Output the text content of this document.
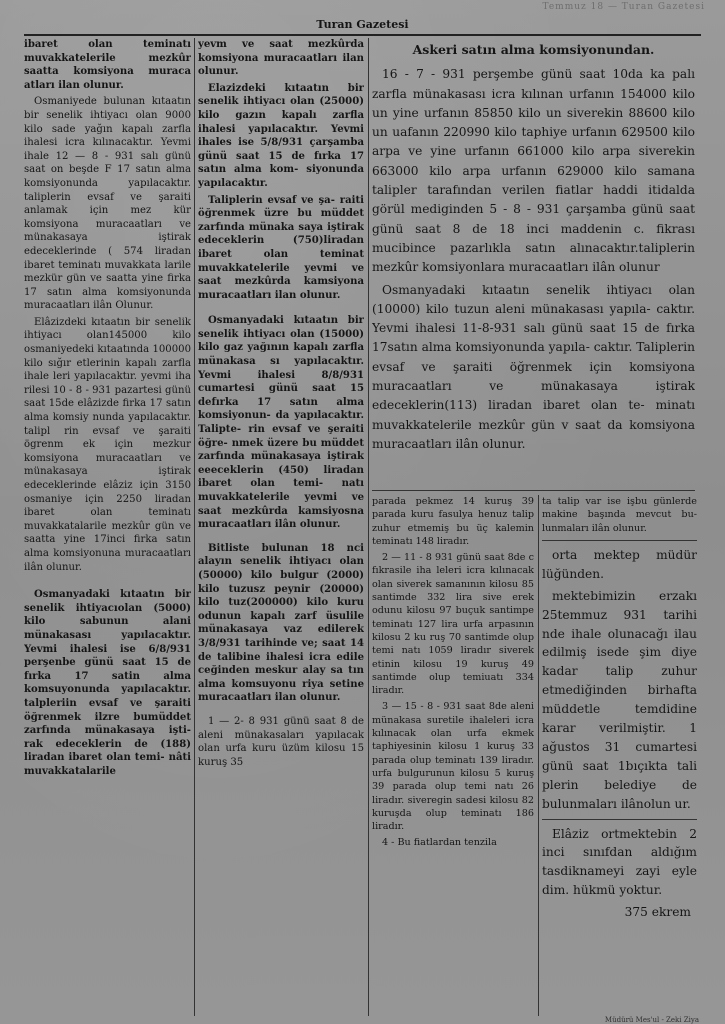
Temmuz 18 — Turan Gazetesi
Turan Gazetesi

ibaret olan teminatı muvakkatelerile mezkûr saatta komsiyona muraca atları ilan olunur.

Osmaniyede bulunan kıtaatın bir senelik ihtiyacı olan 9000 kilo sade yağın kapalı zarfla ihalesi icra kılınacaktır. Yevmi ihale 12 — 8 - 931 salı günü saat on beşde F 17 satın alma komsiyonunda yapılacaktır. taliplerin evsaf ve şaraiti anlamak için mez kür komsiyona muracaatları ve münakasaya iştirak edeceklerinde ( 574 liradan ibaret teminatı muvakkata larile mezkür gün ve saatta yine firka 17 satın alma komsiyonunda muracaatları ilân Olunur.

Elâzizdeki kıtaatın bir senelik ihtiyacı olan145000 kilo osmaniyedeki kıtaatında 100000 kilo sığır etlerinin kapalı zarfla ihale leri yapılacaktır. yevmi iha rilesi 10 - 8 - 931 pazartesi günü saat 15de elâzizde firka 17 satın alma komsiy nunda yapılacaktır. talipl rin evsaf ve şaraiti ögrenm ek için mezkur komsiyona muracaatları ve münakasaya iştirak edeceklerinde elâziz için 3150 osmaniye için 2250 liradan ibaret olan teminatı muvakkatalarile mezkûr gün ve saatta yine 17inci firka satın alma komsiyonuna muracaatları ilân olunur.

Osmanyadaki kıtaatın bir senelik ihtiyacıolan (5000) kilo sabunun alani münakasası yapılacaktır. Yevmi ihalesi ise 6/8/931 perşenbe günü saat 15 de fırka 17 satin alma komsuyonunda yapılacaktır. talpleriin evsaf ve şaraiti öğrenmek ilzre bumüddet zarfında münakasaya işti- rak edeceklerin de (188) liradan ibaret olan temi- nâti muvakkatalarile

yevm ve saat mezkûrda komsiyona muracaatları ilan olunur.

Elazizdeki kıtaatın bir senelik ihtiyacı olan (25000) kilo gazın kapalı zarfla ihalesi yapılacaktır. Yevmi ihales ise 5/8/931 çarşamba günü saat 15 de fırka 17 satın alma kom- siyonunda yapılacaktır.

Taliplerin evsaf ve şa- raiti öğrenmek üzre bu müddet zarfında münaka saya iştirak edeceklerin (750)liradan ibaret olan teminat muvakkatelerile yevmi ve saat mezkûrda kamsiyona muracaatları ilan olunur.

Osmanyadaki kıtaatın bir senelik ihtiyacı olan (15000) kilo gaz yağının kapalı zarfla münakasa sı yapılacaktır. Yevmi ihalesi 8/8/931 cumartesi günü saat 15 defırka 17 satın alma komsiyonun- da yapılacaktır. Talipte- rin evsaf ve şeraiti öğre- nmek üzere bu müddet zarfında münakasaya iştirak eeeceklerin (450) liradan ibaret olan temi- natı muvakkatelerile yevmi ve saat mezkûrda kamsiyosna muracaatları ilân olunur.

Bitliste bulunan 18 nci alayın senelik ihtiyacı olan (50000) kilo bulgur (2000) kilo tuzusz peynir (20000) kilo tuz(200000) kilo kuru odunun kapalı zarf üsulile münakasaya vaz edilerek 3/8/931 tarihinde ve; saat 14 de talibine ihalesi icra edile ceğinden meskur alay sa tın alma komsuyonu riya setine muracaatları ilan olunur.

1 — 2- 8 931 günü saat 8 de aleni münakasaları yapılacak olan urfa kuru üzüm kilosu 15 kuruş 35

Askeri satın alma komsiyonundan.

16 - 7 - 931 perşembe günü saat 10da ka palı zarfla münakasası icra kılınan urfanın 154000 kilo un yine urfanın 85850 kilo un siverekin 88600 kilo un uafanın 220990 kilo taphiye urfanın 629500 kilo arpa ve yine urfanın 661000 kilo arpa siverekin 663000 kilo arpa urfanın 629000 kilo samana talipler tarafından verilen fiatlar haddi itidalda görül mediginden 5 - 8 - 931 çarşamba günü saat günü saat 8 de 18 inci maddenin c. fikrası mucibince pazarlıkla satın alınacaktır.taliplerin mezkûr komsiyonlara muracaatları ilân olunur

Osmanyadaki kıtaatın senelik ihtiyacı olan (10000) kilo tuzun aleni münakasası yapıla- caktır. Yevmi ihalesi 11-8-931 salı günü saat 15 de fırka 17satın alma komsiyonunda yapıla- caktır. Taliplerin evsaf ve şaraiti öğrenmek için komsiyona muracaatları ve münakasaya iştirak edeceklerin(113) liradan ibaret olan te- minatı muvakkatelerile mezkûr gün v saat da komsiyona muracaatları ilân olunur.

parada pekmez 14 kuruş 39 parada kuru fasulya henuz talip zuhur etmemiş bu üç kalemin teminatı 148 liradır.

2 — 11 - 8 931 günü saat 8de c fıkrasile iha leleri icra kılınacak olan siverek samanının kilosu 85 santimde 332 lira sive erek odunu kilosu 97 buçuk santimpe teminatı 127 lira urfa arpasının kilosu 2 ku ruş 70 santimde olup temi natı 1059 liradır siverek etinin kilosu 19 kuruş 49 santimde olup temiuatı 334 liradır.

3 — 15 - 8 - 931 saat 8de aleni münakasa suretile ihaleleri icra kılınacak olan urfa ekmek taphiyesinin kilosu 1 kuruş 33 parada olup teminatı 139 liradır. urfa bulgurunun kilosu 5 kuruş 39 parada olup temi natı 26 liradır. siveregin sadesi kilosu 82 kuruşda olup teminatı 186 liradır.

4 - Bu fiatlardan tenzila

ta talip var ise işbu günlerde makine başında mevcut bu- lunmaları ilân olunur.

orta mektep müdür lüğünden.

mektebimizin erzakı 25temmuz 931 tarihi nde ihale olunacağı ilau edilmiş isede şim diye kadar talip zuhur etmediğinden birhafta müddetle temdidine karar verilmiştir. 1 ağustos 31 cumartesi günü saat 1bıçıkta tali plerin belediye de bulunmaları ilânolun ur.

Elâziz ortmektebin 2 inci sınıfdan aldığım tasdiknameyi zayi eyle dim. hükmü yoktur.

375 ekrem
Müdürü Mes'ul - Zeki Ziya
